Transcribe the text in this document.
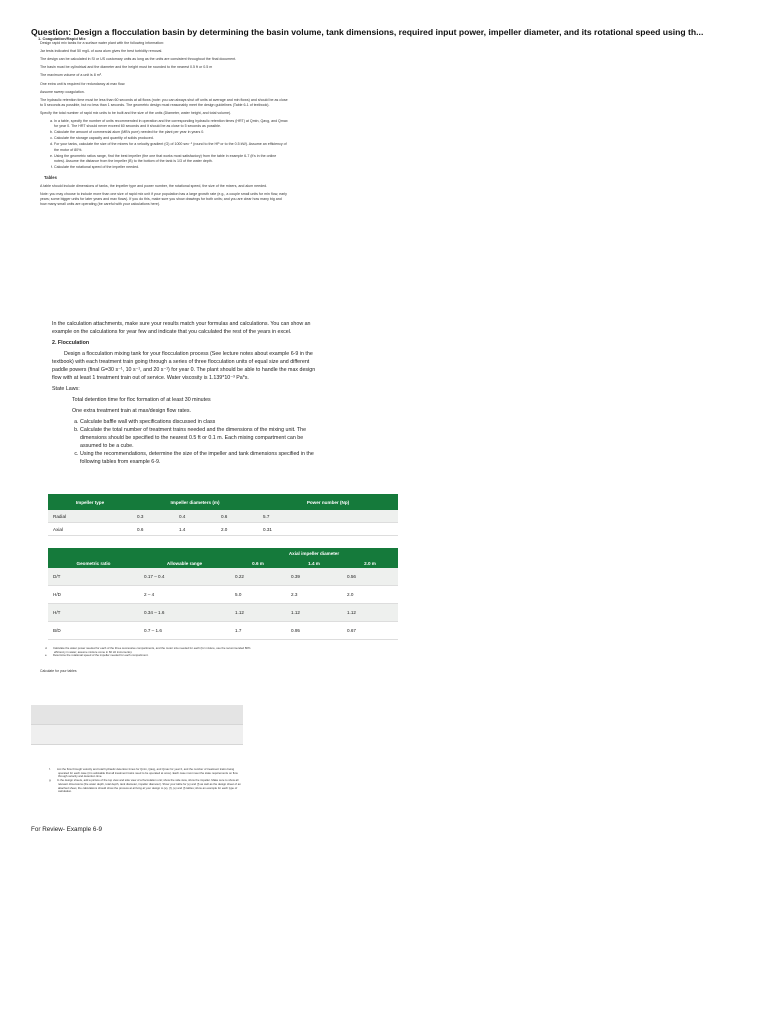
Question: Design a flocculation basin by determining the basin volume, tank dimensions, required input power, impeller diameter, and its rotational speed using th...
1. Coagulation/Rapid Mix

Design rapid mix tanks for a surface water plant with the following information:

Jar tests indicated that 50 mg/L of aura alum gives the best turbidity removal.

The design can be calculated in SI or US customary units as long as the units are consistent throughout the final document.

The basin must be cylindrical and the diameter and the height must be rounded to the nearest 0.5 ft or 0.5 m

The maximum volume of a unit is 8 m³.

One extra unit is required for redundancy at max flow.

Assume sweep coagulation.

The hydraulic retention time must be less than 60 seconds at all flows (note: you can always shut off units at average and min flows) and should be as close to 5 seconds as possible, but no less than 1 seconds. The geometric design must reasonably meet the design guidelines (Table 6-1 of textbook).

Specify the total number of rapid mix units to be built and the size of the units (Diameter, water height, and total volume).

a. In a table, specify the number of units recommended in operation and the corresponding hydraulic retention times (HRT) at Qmin, Qavg, and Qmax for year 0. The HRT should never exceed 60 seconds and it should be as close to 5 seconds as possible.
b. Calculate the amount of commercial alum (MB's pure) needed for the plant per year in years 0.
c. Calculate the storage capacity and quantity of solids produced.
d. For your tanks, calculate the size of the mixers for a velocity gradient (G) of 1000 sec⁻¹ (round to the HP or to the 0.5 kW). Assume an efficiency of the motor of 80%.
e. Using the geometric ratios range, find the best impeller (the one that works most satisfactory) from the table in example 6-7 (it's in the online notes). Assume the distance from the impeller (B) to the bottom of the tank is 1/3 of the water depth.
f. Calculate the rotational speed of the impeller needed.
Tables

A table should include dimensions of tanks, the impeller type and power number, the rotational speed, the size of the mixers, and alum needed.

Note: you may choose to include more than one size of rapid mix unit if your population has a large growth rate (e.g., a couple small units for min flow, early years; some bigger units for later years and max flows). If you do this, make sure you show drawings for both units; and you are clear how many big and how many small units are operating (be careful with your calculations here).

In the calculation attachments, make sure your results match your formulas and calculations. You can show an example on the calculations for year few and indicate that you calculated the rest of the years in excel.

2. Flocculation

Design a flocculation mixing tank for your flocculation process (See lecture notes about example 6-9 in the textbook) with each treatment train going through a series of three flocculation units of equal size and different paddle powers (final G=30 s⁻¹, 10 s⁻¹, and 20 s⁻¹) for year 0. The plant should be able to handle the max design flow with at least 1 treatment train out of service. Water viscosity is 1.139*10⁻³ Pa*s.

State Laws:

Total detention time for floc formation of at least 30 minutes

One extra treatment train at max/design flow rates.

a. Calculate baffle wall with specifications discussed in class
b. Calculate the total number of treatment trains needed and the dimensions of the mixing unit. The dimensions should be specified to the nearest 0.5 ft or 0.1 m. Each mixing compartment can be assumed to be a cube.
c. Using the recommendations, determine the size of the impeller and tank dimensions specified in the following tables from example 6-9.
Impeller type	Impeller diameters (m)			Power number (Np)
Radial	0.3	0.4	0.6	5.7
Axial	0.6	1.4	2.0	0.31
		Axial impeller diameter		
Geometric ratio	Allowable range	0.6 m	1.4 m	2.0 m
D/T	0.17 – 0.4	0.22	0.39	0.56
H/D	2 – 4	5.0	2.3	2.0
H/T	0.34 – 1.6	1.12	1.12	1.12
B/D	0.7 – 1.6	1.7	0.95	0.67
d. Calculate the water power needed for each of the three successive compartments, and the motor size needed for each (for mixture, use the recommended 80% efficiency in water; assume mixture come in 60 Hz increments).
e. Determine the rotational speed of the impeller needed for each compartment.
Calculate for your tables
f. List the flow through velocity and total hydraulic detention times for Qmin, Qavg, and Qmax for year 0, and the number of treatment trains being operated for each case (it is advisable that all treatment trains need to be operated at once). Each case must meet the state requirements on flow through velocity and detention time.
g. In the design sheets, add a picture of the top view and side view of a flocculation unit; show the side view, show the impeller. Make sure to show all relevant dimensions (the water depth, total depth, tank diameter, impeller diameter). Show your table for (e) and (f) as well as the design sheet of an attached sheet, the calculations should show the process at arriving at your design to (e), (f), (e) and (f) tables; show an example for each type of calculation.
For Review- Example 6-9
